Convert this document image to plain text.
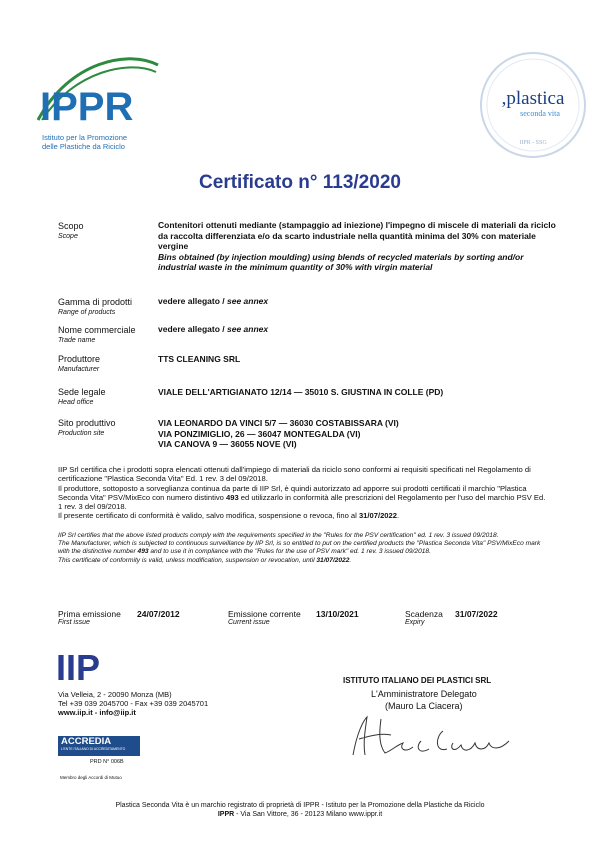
IPPR
Istituto per la Promozione
delle Plastiche da Riciclo
,plastica
seconda vita
IIPR - SSG
Certificato n° 113/2020
Scopo
Scope
Contenitori ottenuti mediante (stampaggio ad iniezione) l'impegno di miscele di materiali da riciclo da raccolta differenziata e/o da scarto industriale nella quantità minima del 30% con materiale vergine
Bins obtained (by injection moulding) using blends of recycled materials by sorting and/or industrial waste in the minimum quantity of 30% with virgin material
Gamma di prodotti
Range of products
vedere allegato / see annex
Nome commerciale
Trade name
vedere allegato / see annex
Produttore
Manufacturer
TTS CLEANING SRL
Sede legale
Head office
VIALE DELL'ARTIGIANATO 12/14 — 35010 S. GIUSTINA IN COLLE (PD)
Sito produttivo
Production site
VIA LEONARDO DA VINCI 5/7 — 36030 COSTABISSARA (VI)
VIA PONZIMIGLIO, 26 — 36047 MONTEGALDA (VI)
VIA CANOVA 9 — 36055 NOVE (VI)
IIP Srl certifica che i prodotti sopra elencati ottenuti dall'impiego di materiali da riciclo sono conformi ai requisiti specificati nel Regolamento di certificazione "Plastica Seconda Vita" Ed. 1 rev. 3 del 09/2018.
Il produttore, sottoposto a sorveglianza continua da parte di IIP Srl, è quindi autorizzato ad apporre sui prodotti certificati il marchio "Plastica Seconda Vita" PSV/MixEco con numero distintivo 493 ed utilizzarlo in conformità alle prescrizioni del Regolamento per l'uso del marchio PSV Ed. 1 rev. 3 del 09/2018.
Il presente certificato di conformità è valido, salvo modifica, sospensione o revoca, fino al 31/07/2022.
IIP Srl certifies that the above listed products comply with the requirements specified in the "Rules for the PSV certification" ed. 1 rev. 3 issued 09/2018.
The Manufacturer, which is subjected to continuous surveillance by IIP Srl, is so entitled to put on the certified products the "Plastica Seconda Vita" PSV/MixEco mark with the distinctive number 493 and to use it in compliance with the "Rules for the use of PSV mark" ed. 1 rev. 3 issued 09/2018.
This certificate of conformity is valid, unless modification, suspension or revocation, until 31/07/2022.
Prima emissione
First issue
24/07/2012	Emissione corrente
Current issue
13/10/2021	Scadenza
Expiry
31/07/2022
IIP
Via Velleia, 2 - 20090 Monza (MB)
Tel +39 039 2045700 - Fax +39 039 2045701
www.iip.it - info@iip.it
ACCREDIA
L'ENTE ITALIANO DI ACCREDITAMENTO
PRD N° 006B
Membro degli Accordi di Mutuo
ISTITUTO ITALIANO DEI PLASTICI SRL
L'Amministratore Delegato
(Mauro La Ciacera)
Plastica Seconda Vita è un marchio registrato di proprietà di IPPR - Istituto per la Promozione della Plastiche da Riciclo
IPPR - Via San Vittore, 36 - 20123 Milano www.ippr.it
